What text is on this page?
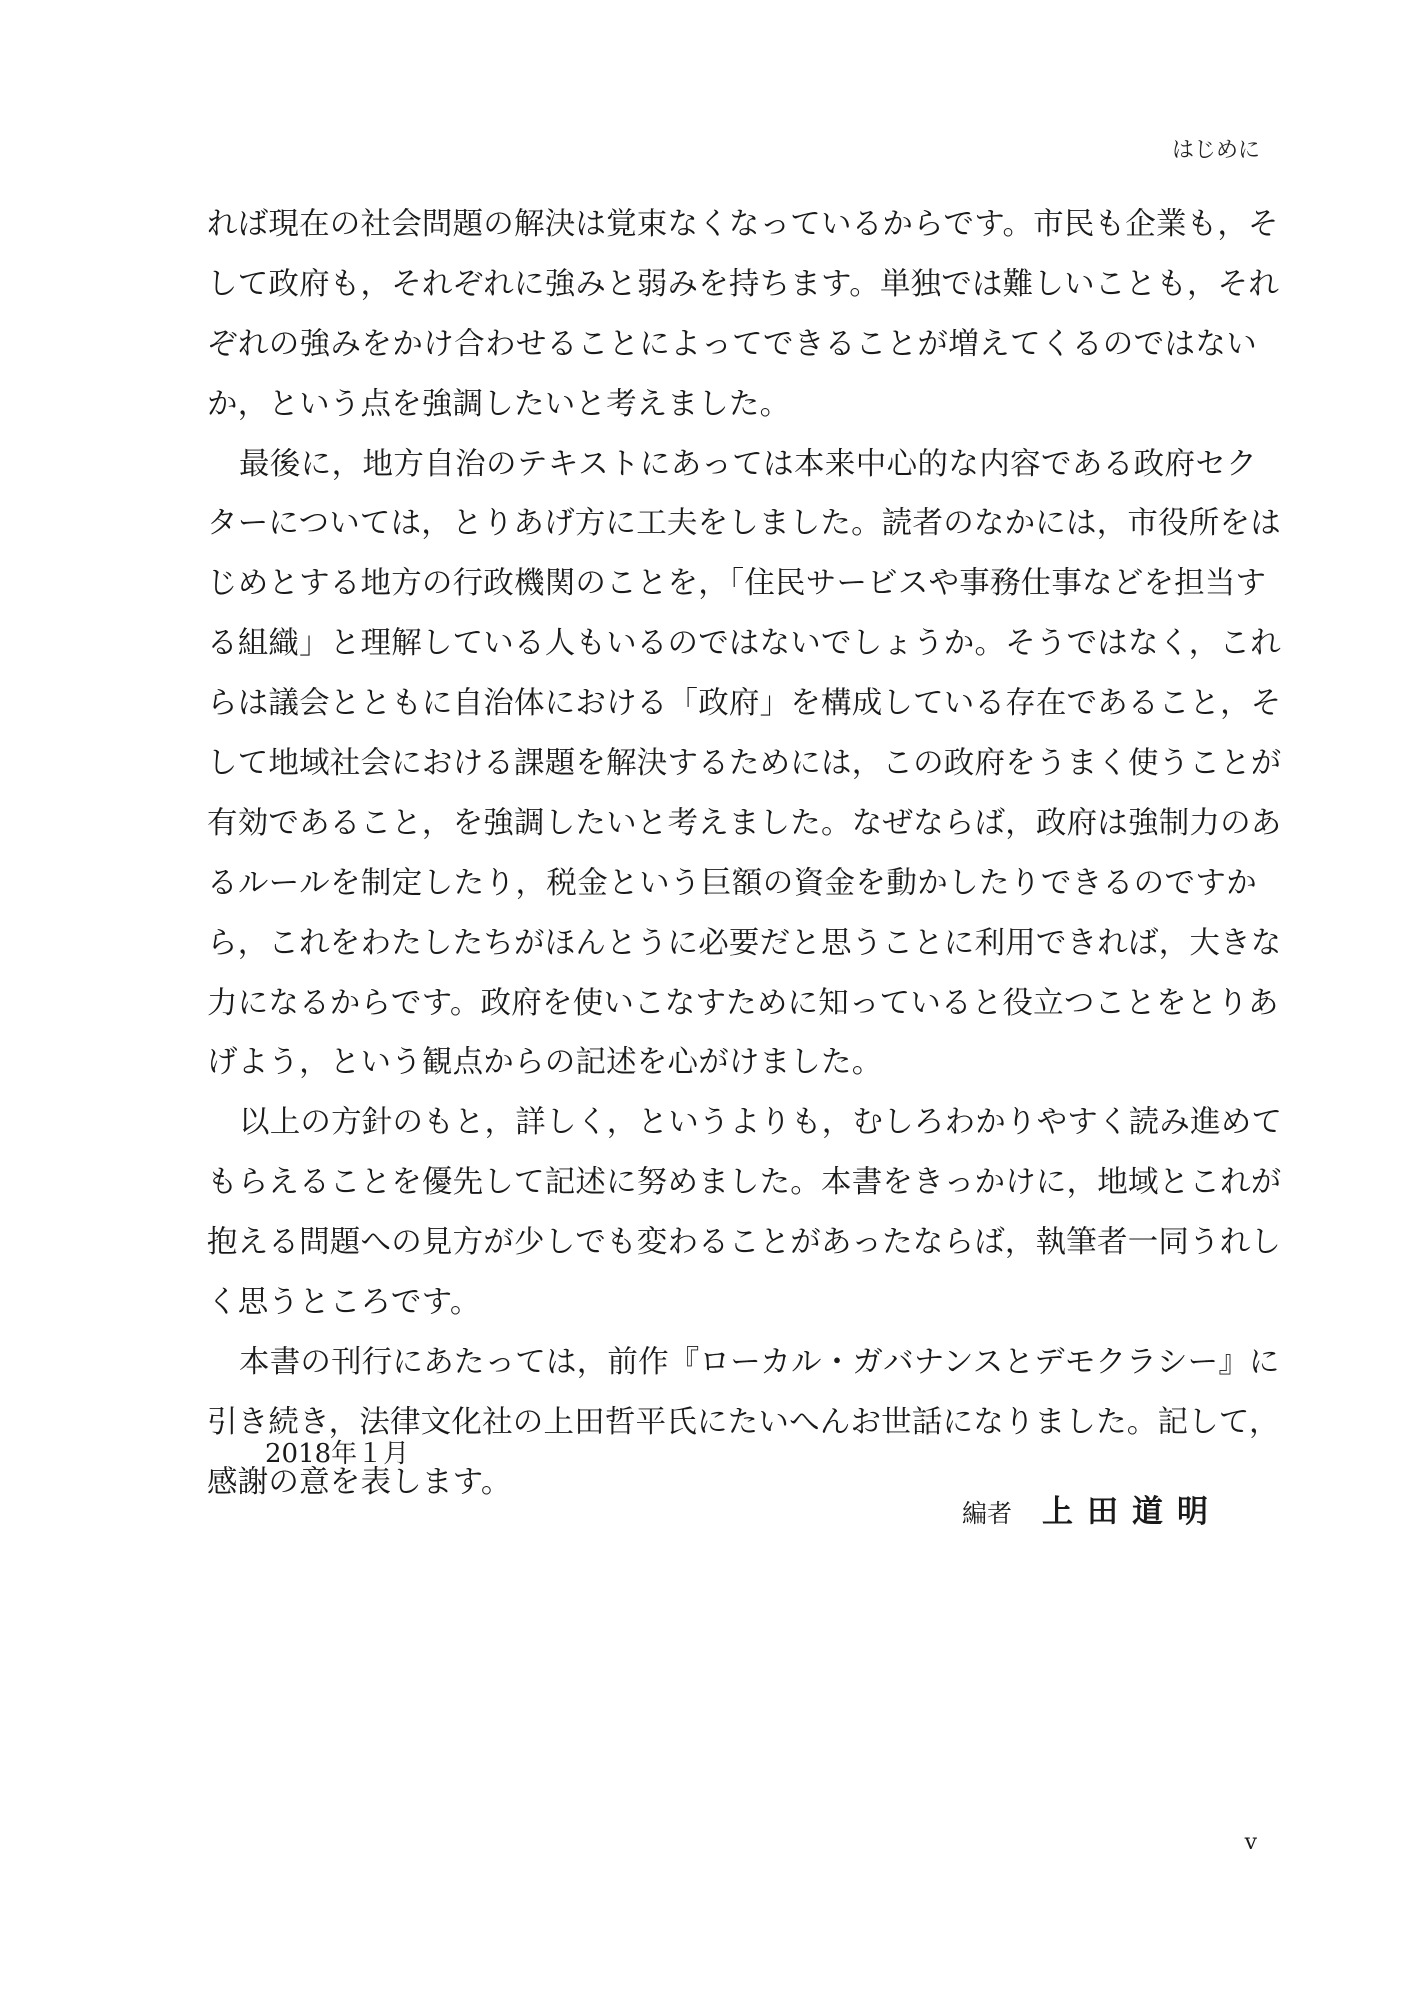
はじめに

れば現在の社会問題の解決は覚束なくなっているからです。市民も企業も，そ
して政府も，それぞれに強みと弱みを持ちます。単独では難しいことも，それ
ぞれの強みをかけ合わせることによってできることが増えてくるのではない
か，という点を強調したいと考えました。
最後に，地方自治のテキストにあっては本来中心的な内容である政府セク
ターについては，とりあげ方に工夫をしました。読者のなかには，市役所をは
じめとする地方の行政機関のことを，「住民サービスや事務仕事などを担当す
る組織」と理解している人もいるのではないでしょうか。そうではなく，これ
らは議会とともに自治体における「政府」を構成している存在であること，そ
して地域社会における課題を解決するためには，この政府をうまく使うことが
有効であること，を強調したいと考えました。なぜならば，政府は強制力のあ
るルールを制定したり，税金という巨額の資金を動かしたりできるのですか
ら，これをわたしたちがほんとうに必要だと思うことに利用できれば，大きな
力になるからです。政府を使いこなすために知っていると役立つことをとりあ
げよう，という観点からの記述を心がけました。
以上の方針のもと，詳しく，というよりも，むしろわかりやすく読み進めて
もらえることを優先して記述に努めました。本書をきっかけに，地域とこれが
抱える問題への見方が少しでも変わることがあったならば，執筆者一同うれし
く思うところです。
本書の刊行にあたっては，前作『ローカル・ガバナンスとデモクラシー』に
引き続き，法律文化社の上田哲平氏にたいへんお世話になりました。記して，
感謝の意を表します。

2018年１月

編者 上田道明

v
